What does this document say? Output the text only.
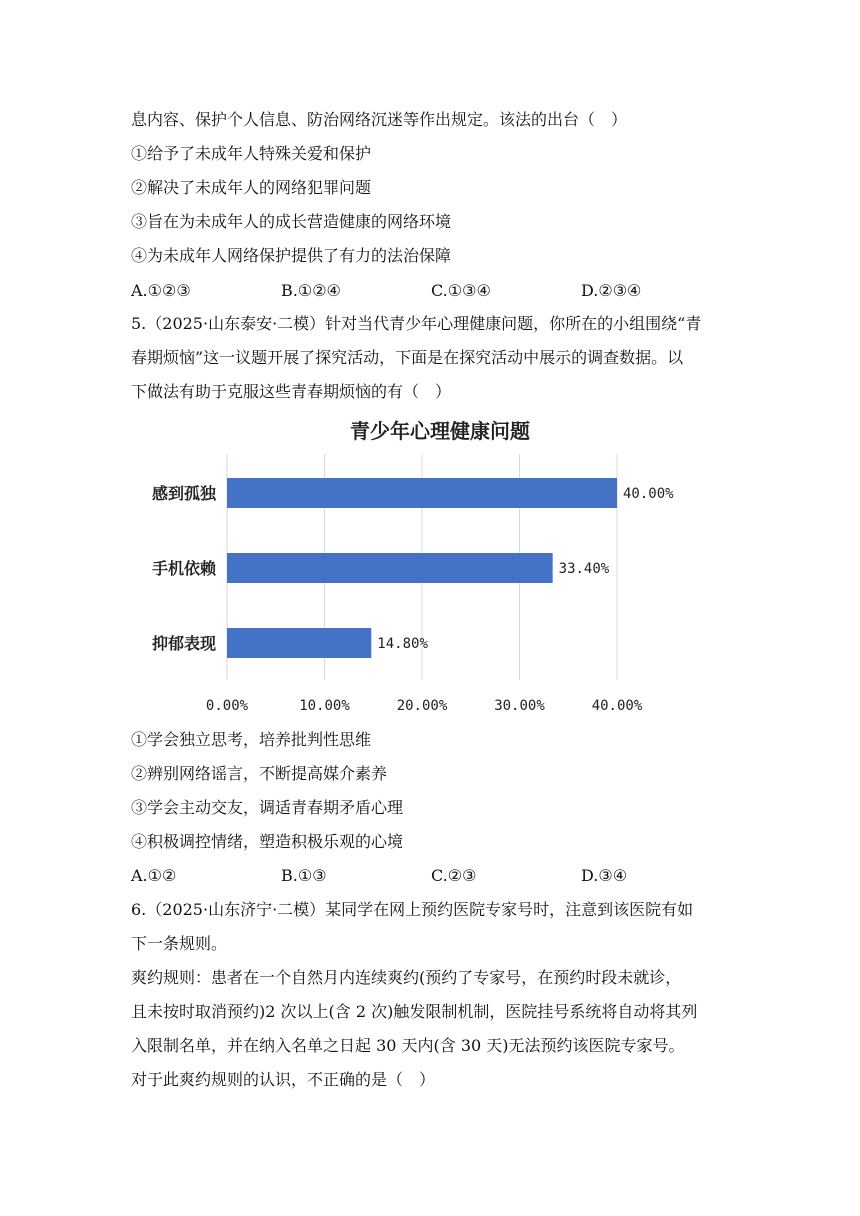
息内容、保护个人信息、防治网络沉迷等作出规定。该法的出台（　）
①给予了未成年人特殊关爱和保护
②解决了未成年人的网络犯罪问题
③旨在为未成年人的成长营造健康的网络环境
④为未成年人网络保护提供了有力的法治保障
A.①②③	B.①②④	C.①③④	D.②③④
5.（2025·山东泰安·二模）针对当代青少年心理健康问题，你所在的小组围绕“青
春期烦恼”这一议题开展了探究活动，下面是在探究活动中展示的调查数据。以
下做法有助于克服这些青春期烦恼的有（　）
青少年心理健康问题
感到孤独	40.00%
手机依赖	33.40%
抑郁表现	14.80%
0.00%	10.00%	20.00%	30.00%	40.00%
①学会独立思考，培养批判性思维
②辨别网络谣言，不断提高媒介素养
③学会主动交友，调适青春期矛盾心理
④积极调控情绪，塑造积极乐观的心境
A.①②	B.①③	C.②③	D.③④
6.（2025·山东济宁·二模）某同学在网上预约医院专家号时，注意到该医院有如
下一条规则。
爽约规则：患者在一个自然月内连续爽约(预约了专家号，在预约时段未就诊，
且未按时取消预约)2 次以上(含 2 次)触发限制机制，医院挂号系统将自动将其列
入限制名单，并在纳入名单之日起 30 天内(含 30 天)无法预约该医院专家号。
对于此爽约规则的认识，不正确的是（　）
